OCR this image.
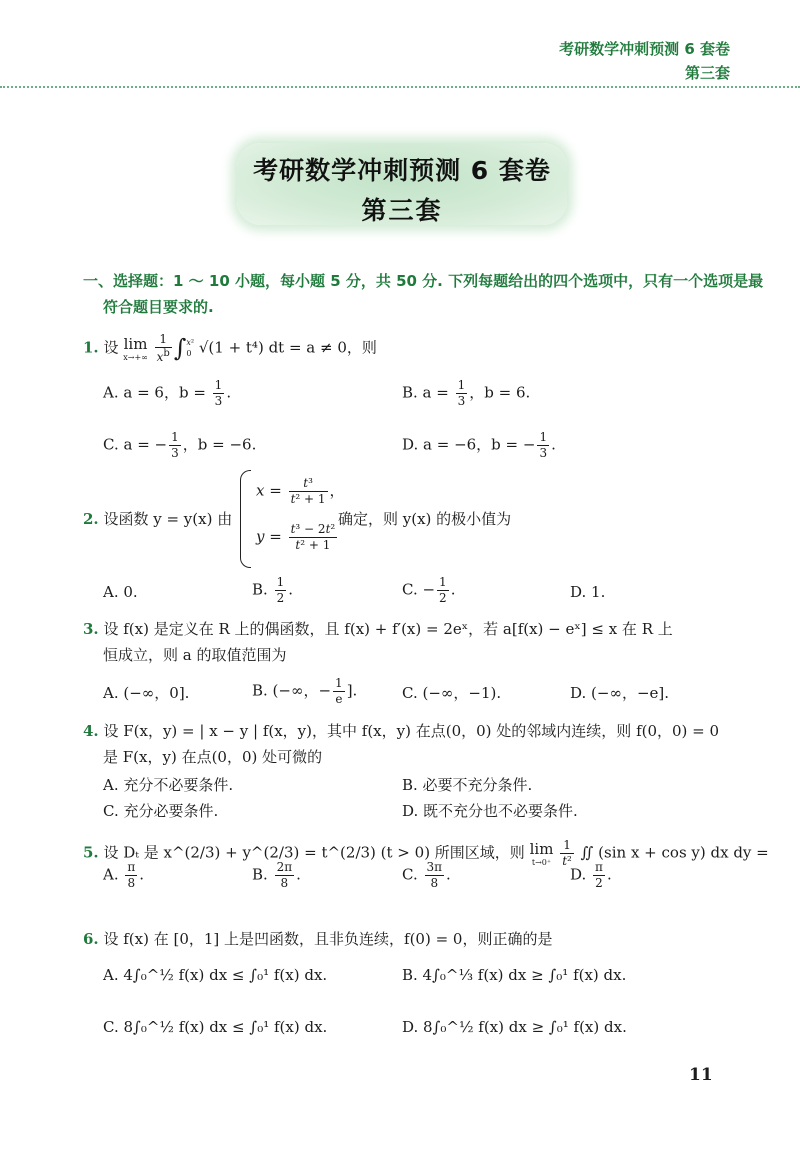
考研数学冲刺预测 6 套卷
第三套
考研数学冲刺预测 6 套卷
第三套
一、选择题：1 ～ 10 小题，每小题 5 分，共 50 分. 下列每题给出的四个选项中，只有一个选项是最
符合题目要求的.
1. 设 lim
x→+∞
$\frac{1}{x^b} \int x^2$
0 √(1 + t⁴) dt = a ≠ 0，则
A. a = 6，$b = \frac{1}{3}$ .	B. $a = \frac{1}{3}$ ，b = 6.
C. a = − $\frac{1}{3}$ ，b = −6.	D. a = −6，b = − $\frac{1}{3}$ .
2. 设函数 y = y(x) 由
$x = \frac{\text{t³}}{\text{t² + 1}}$ ，
$y = \frac{\text{t³ − 2t²}}{\text{t² + 1}}$
确定，则 y(x) 的极小值为
A. 0.	B. $\frac{1}{2}$ .	C. − $\frac{1}{2}$ .	D. 1.
3. 设 f(x) 是定义在 R 上的偶函数，且 f(x) + f′(x) = 2eˣ，若 a[f(x) − eˣ] ≤ x 在 R 上
恒成立，则 a 的取值范围为
A. (−∞，0].	B. (−∞，− $\frac{1}{e}$ ].	C. (−∞，−1).	D. (−∞，−e].
4. 设 F(x，y) = | x − y | f(x，y)，其中 f(x，y) 在点(0，0) 处的邻域内连续，则 f(0，0) = 0
是 F(x，y) 在点(0，0) 处可微的
A. 充分不必要条件.	B. 必要不充分条件.
C. 充分必要条件.	D. 既不充分也不必要条件.
5. 设 Dₜ 是 x^(2/3) + y^(2/3) = t^(2/3) (t > 0) 所围区域，则 lim
t→0⁺
$\frac{1}{\text{t²}}$ ∬ (sin x + cos y) dx dy =
A. $\frac{\pi}{8}$ .	B. $\frac{2\pi}{8}$ .	C. $\frac{3\pi}{8}$ .	D. $\frac{\pi}{2}$ .
6. 设 f(x) 在 [0，1] 上是凹函数，且非负连续，f(0) = 0，则正确的是
A. 4∫₀^½ f(x) dx ≤ ∫₀¹ f(x) dx.	B. 4∫₀^⅓ f(x) dx ≥ ∫₀¹ f(x) dx.
C. 8∫₀^½ f(x) dx ≤ ∫₀¹ f(x) dx.	D. 8∫₀^½ f(x) dx ≥ ∫₀¹ f(x) dx.
11
